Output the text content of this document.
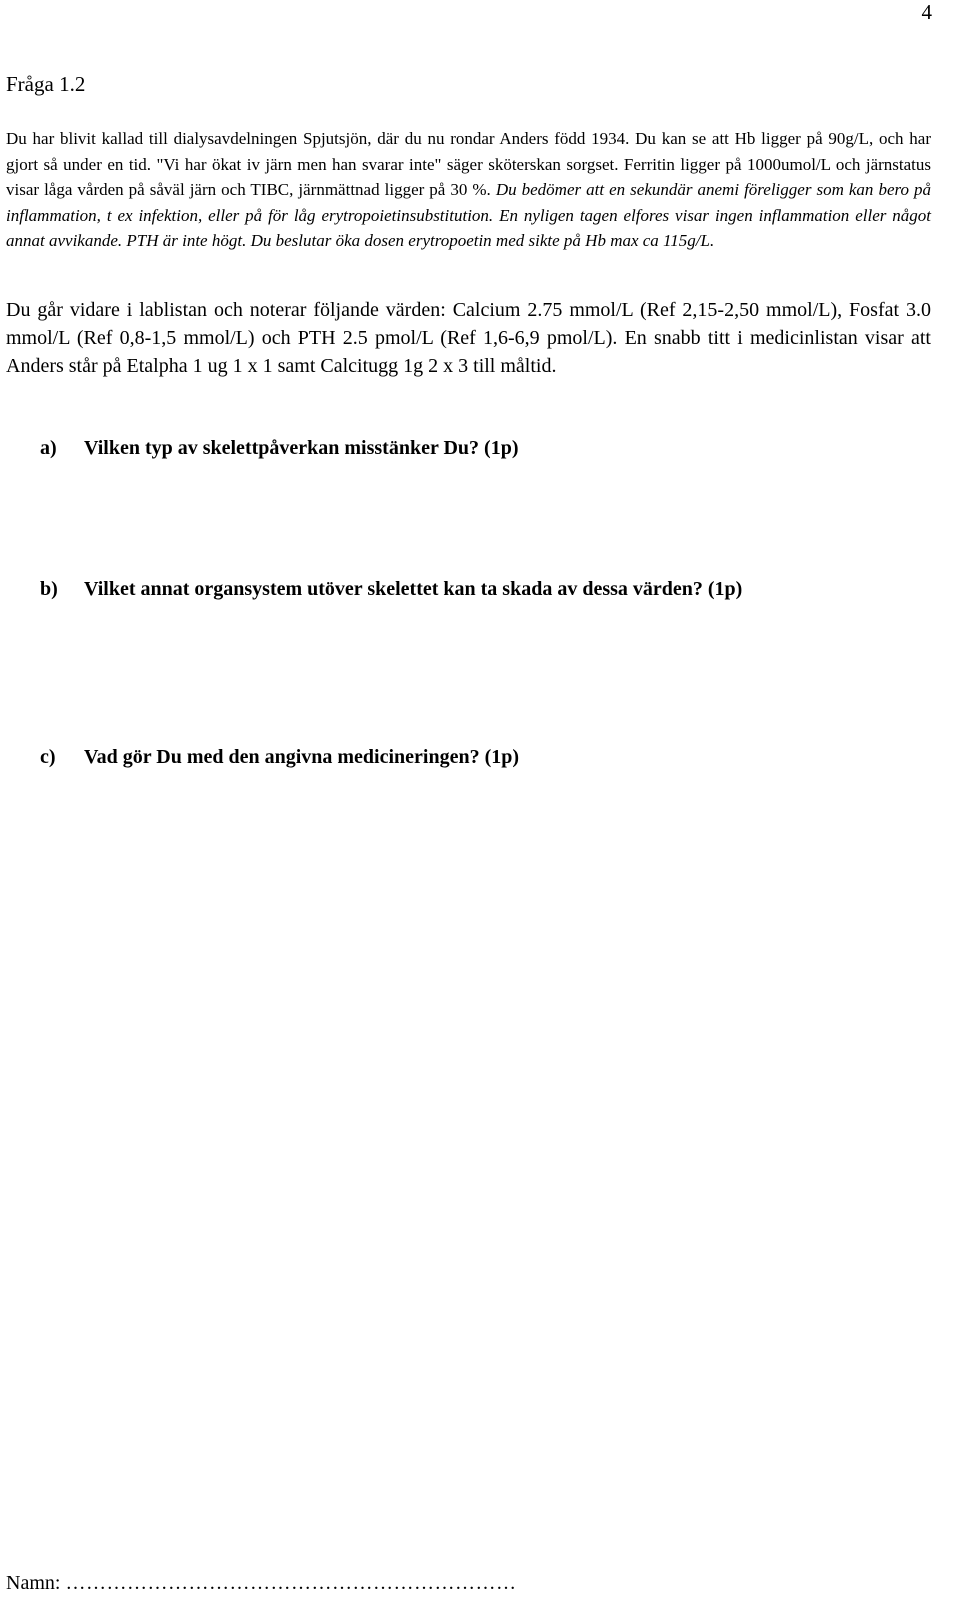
4
Fråga 1.2

Du har blivit kallad till dialysavdelningen Spjutsjön, där du nu rondar Anders född 1934. Du kan se att Hb ligger på 90g/L, och har gjort så under en tid. "Vi har ökat iv järn men han svarar inte" säger sköterskan sorgset. Ferritin ligger på 1000umol/L och järnstatus visar låga vården på såväl järn och TIBC, järnmättnad ligger på 30 %. Du bedömer att en sekundär anemi föreligger som kan bero på inflammation, t ex infektion, eller på för låg erytropoietinsubstitution. En nyligen tagen elfores visar ingen inflammation eller något annat avvikande. PTH är inte högt. Du beslutar öka dosen erytropoetin med sikte på Hb max ca 115g/L.

Du går vidare i lablistan och noterar följande värden: Calcium 2.75 mmol/L (Ref 2,15-2,50 mmol/L), Fosfat 3.0 mmol/L (Ref 0,8-1,5 mmol/L) och PTH 2.5 pmol/L (Ref 1,6-6,9 pmol/L). En snabb titt i medicinlistan visar att Anders står på Etalpha 1 ug 1 x 1 samt Calcitugg 1g 2 x 3 till måltid.

a) Vilken typ av skelettpåverkan misstänker Du? (1p)
b) Vilket annat organsystem utöver skelettet kan ta skada av dessa värden? (1p)
c) Vad gör Du med den angivna medicineringen? (1p)
Namn: …………………………………………………………
